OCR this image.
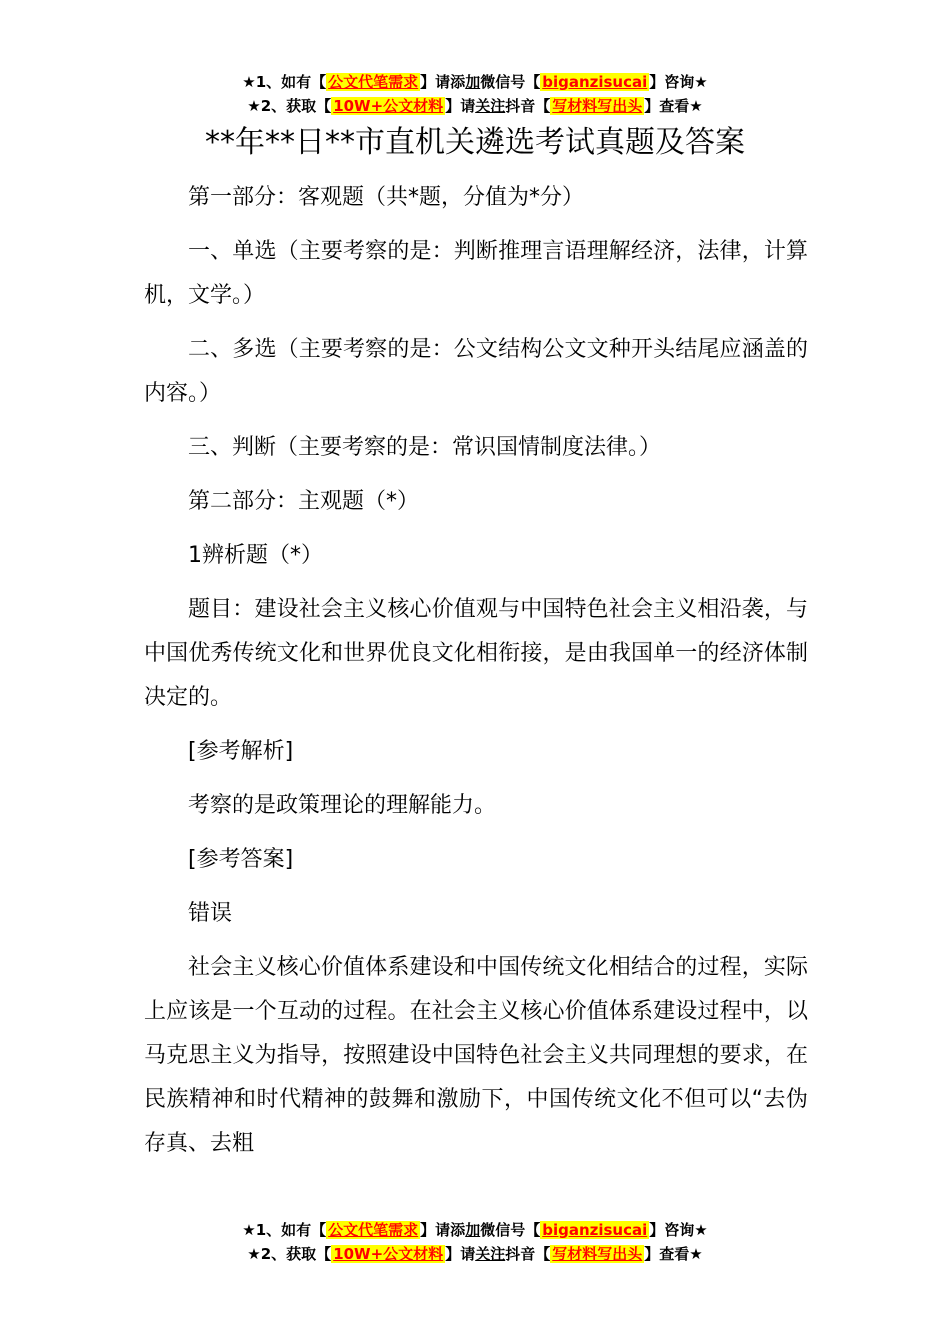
★1、如有【 公文代笔需求 】请添加微信号【 biganzisucai 】咨询★
★2、获取【 10W+公文材料 】请关注抖音【 写材料写出头 】查看★
**年**日**市直机关遴选考试真题及答案

第一部分：客观题（共*题，分值为*分）

一、单选（主要考察的是：判断推理言语理解经济，法律，计算机，文学。）

二、多选（主要考察的是：公文结构公文文种开头结尾应涵盖的内容。）

三、判断（主要考察的是：常识国情制度法律。）

第二部分：主观题（*）

1辨析题（*）

题目：建设社会主义核心价值观与中国特色社会主义相沿袭，与中国优秀传统文化和世界优良文化相衔接，是由我国单一的经济体制决定的。

[参考解析]

考察的是政策理论的理解能力。

[参考答案]

错误

社会主义核心价值体系建设和中国传统文化相结合的过程，实际上应该是一个互动的过程。在社会主义核心价值体系建设过程中，以马克思主义为指导，按照建设中国特色社会主义共同理想的要求，在民族精神和时代精神的鼓舞和激励下，中国传统文化不但可以“去伪存真、去粗

★1、如有【 公文代笔需求 】请添加微信号【 biganzisucai 】咨询★
★2、获取【 10W+公文材料 】请关注抖音【 写材料写出头 】查看★
